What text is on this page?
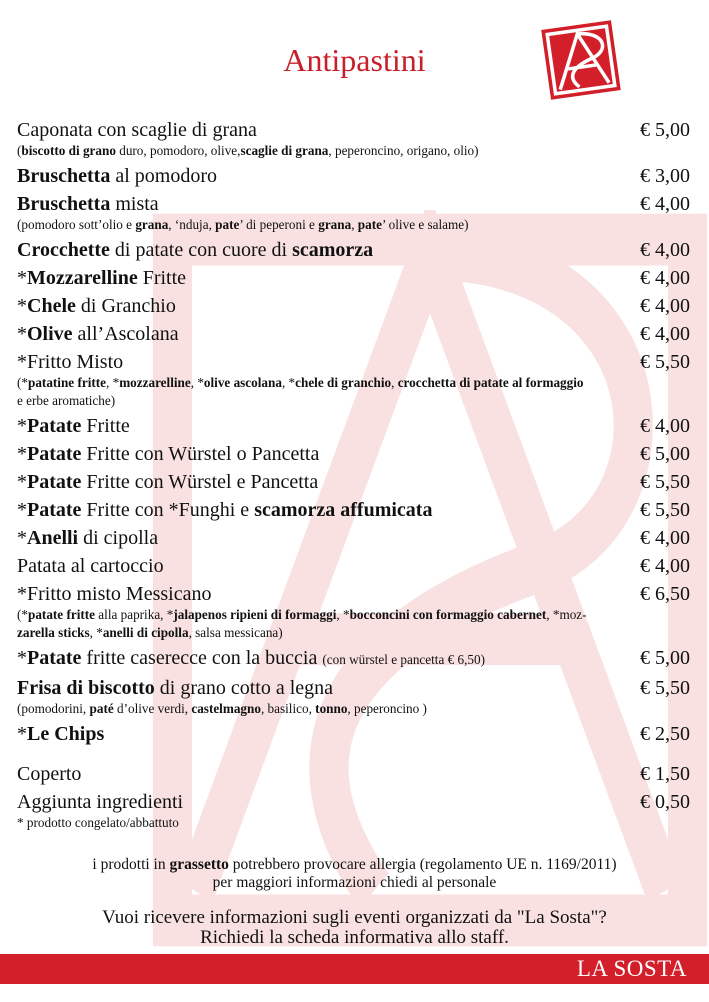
Antipastini
Caponata con scaglie di grana	€ 5,00
(biscotto di grano duro, pomodoro, olive,scaglie di grana, peperoncino, origano, olio)
Bruschetta al pomodoro	€ 3,00
Bruschetta mista	€ 4,00
(pomodoro sott’olio e grana, ‘nduja, pate’ di peperoni e grana, pate’ olive e salame)
Crocchette di patate con cuore di scamorza	€ 4,00
*Mozzarelline Fritte	€ 4,00
*Chele di Granchio	€ 4,00
*Olive all’Ascolana	€ 4,00
*Fritto Misto	€ 5,50
(*patatine fritte, *mozzarelline, *olive ascolana, *chele di granchio, crocchetta di patate al formaggio
e erbe aromatiche)
*Patate Fritte	€ 4,00
*Patate Fritte con Würstel o Pancetta	€ 5,00
*Patate Fritte con Würstel e Pancetta	€ 5,50
*Patate Fritte con *Funghi e scamorza affumicata	€ 5,50
*Anelli di cipolla	€ 4,00
Patata al cartoccio	€ 4,00
*Fritto misto Messicano	€ 6,50
(*patate fritte alla paprika, *jalapenos ripieni di formaggi, *bocconcini con formaggio cabernet, *moz-
zarella sticks, *anelli di cipolla, salsa messicana)
*Patate fritte caserecce con la buccia (con würstel e pancetta € 6,50)	€ 5,00
Frisa di biscotto di grano cotto a legna	€ 5,50
(pomodorini, paté d’olive verdi, castelmagno, basilico, tonno, peperoncino )
*Le Chips	€ 2,50
Coperto	€ 1,50
Aggiunta ingredienti	€ 0,50
* prodotto congelato/abbattuto
i prodotti in grassetto potrebbero provocare allergia (regolamento UE n. 1169/2011)
per maggiori informazioni chiedi al personale
Vuoi ricevere informazioni sugli eventi organizzati da "La Sosta"?
Richiedi la scheda informativa allo staff.
LA SOSTA
